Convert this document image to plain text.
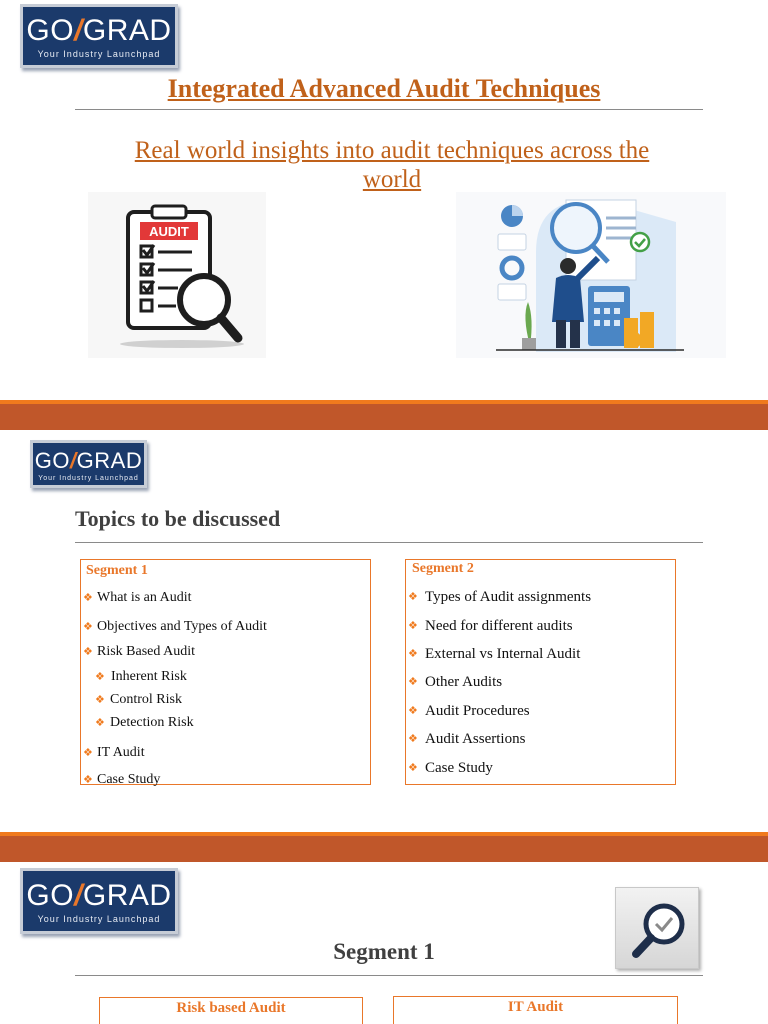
GO/GRAD
Your Industry Launchpad
Integrated Advanced Audit Techniques
Real world insights into audit techniques across the world
AUDIT
GO/GRAD
Your Industry Launchpad
Topics to be discussed
Segment 1
❖ What is an Audit
❖ Objectives and Types of Audit
❖ Risk Based Audit
❖ Inherent Risk
❖ Control Risk
❖ Detection Risk
❖ IT Audit
❖ Case Study
Segment 2
❖ Types of Audit assignments
❖ Need for different audits
❖ External vs Internal Audit
❖ Other Audits
❖ Audit Procedures
❖ Audit Assertions
❖ Case Study
GO/GRAD
Your Industry Launchpad
Segment 1
Risk based Audit	IT Audit
